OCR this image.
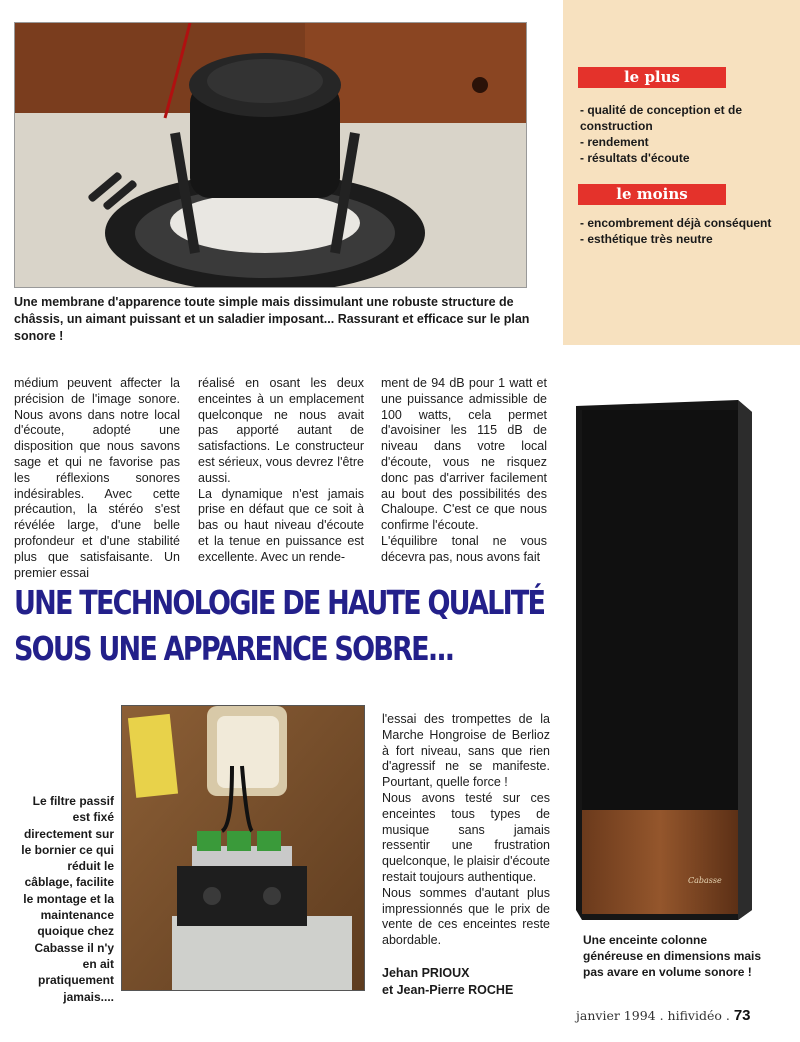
Une membrane d'apparence toute simple mais dissimulant une robuste structure de châssis, un aimant puissant et un saladier imposant... Rassurant et efficace sur le plan sonore !
le plus
- qualité de conception et de construction
- rendement
- résultats d'écoute
le moins
- encombrement déjà conséquent
- esthétique très neutre

médium peuvent affecter la précision de l'image sonore. Nous avons dans notre local d'écoute, adopté une disposition que nous savons sage et qui ne favorise pas les réflexions sonores indésirables. Avec cette précaution, la stéréo s'est révélée large, d'une belle profondeur et d'une stabilité plus que satisfaisante. Un premier essai

réalisé en osant les deux enceintes à un emplacement quelconque ne nous avait pas apporté autant de satisfactions. Le constructeur est sérieux, vous devrez l'être aussi.
La dynamique n'est jamais prise en défaut que ce soit à bas ou haut niveau d'écoute et la tenue en puissance est excellente. Avec un rende-
ment de 94 dB pour 1 watt et une puissance admissible de 100 watts, cela permet d'avoisiner les 115 dB de niveau dans votre local d'écoute, vous ne risquez donc pas d'arriver facilement au bout des possibilités des Chaloupe. C'est ce que nous confirme l'écoute.
L'équilibre tonal ne vous décevra pas, nous avons fait
UNE TECHNOLOGIE DE HAUTE QUALITÉ
SOUS UNE APPARENCE SOBRE...
Le filtre passif est fixé directement sur le bornier ce qui réduit le câblage, facilite le montage et la maintenance quoique chez Cabasse il n'y en ait pratiquement jamais....
l'essai des trompettes de la Marche Hongroise de Berlioz à fort niveau, sans que rien d'agressif ne se manifeste. Pourtant, quelle force !
Nous avons testé sur ces enceintes tous types de musique sans jamais ressentir une frustration quelconque, le plaisir d'écoute restait toujours authentique.
Nous sommes d'autant plus impressionnés que le prix de vente de ces enceintes reste abordable.
Jehan PRIOUX
et Jean-Pierre ROCHE
Cabasse
Une enceinte colonne généreuse en dimensions mais pas avare en volume sonore !
janvier 1994 . hifividéo . 73
